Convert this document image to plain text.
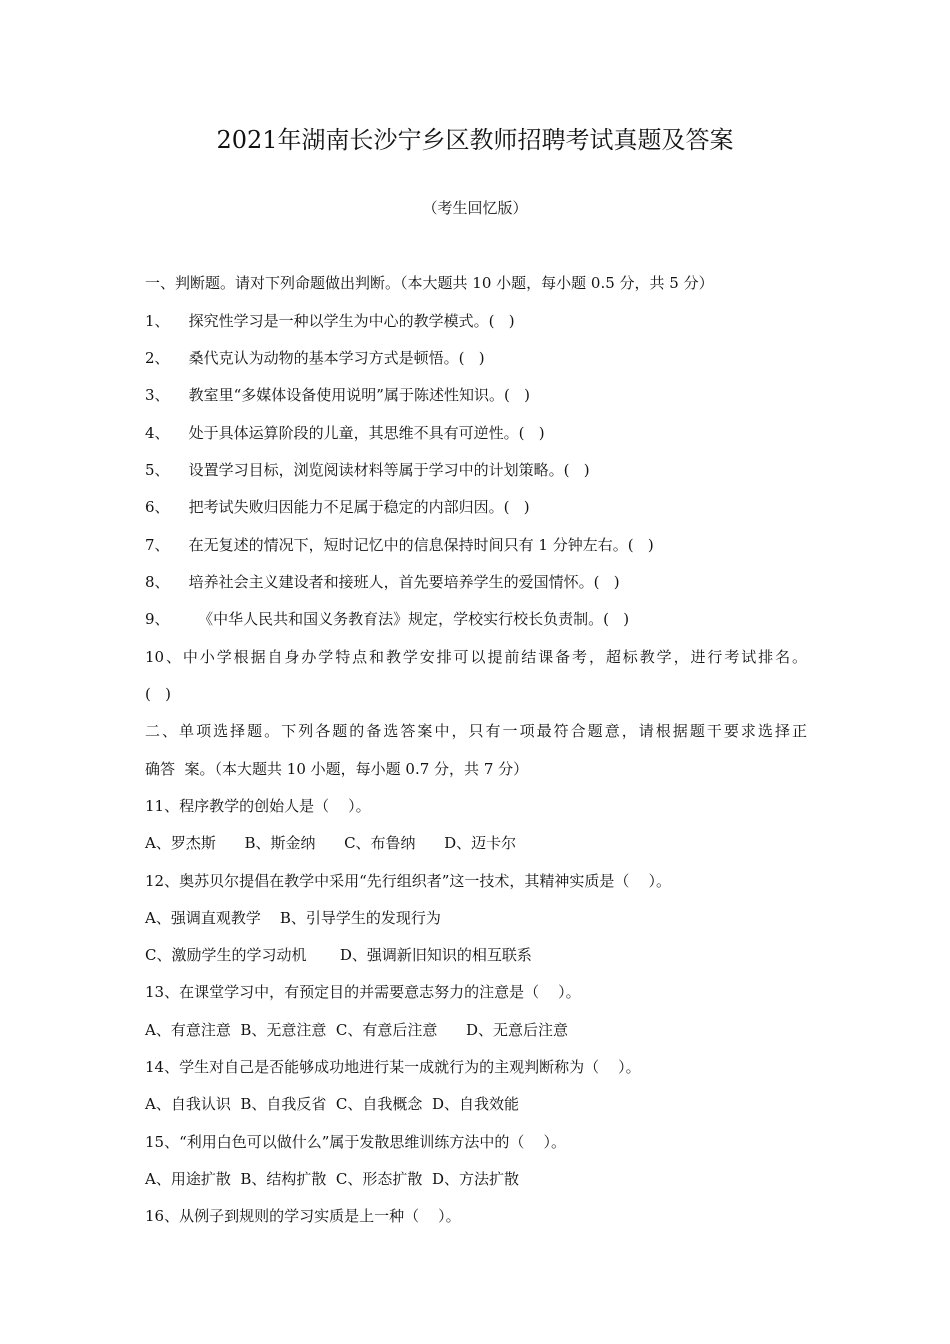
2021年湖南长沙宁乡区教师招聘考试真题及答案
（考生回忆版）
一、判断题。请对下列命题做出判断。（本大题共 10 小题，每小题 0.5 分，共 5 分）
1、    探究性学习是一种以学生为中心的教学模式。(   )
2、    桑代克认为动物的基本学习方式是顿悟。(   )
3、    教室里“多媒体设备使用说明”属于陈述性知识。(   )
4、    处于具体运算阶段的儿童，其思维不具有可逆性。(   )
5、    设置学习目标，浏览阅读材料等属于学习中的计划策略。(   )
6、    把考试失败归因能力不足属于稳定的内部归因。(   )
7、    在无复述的情况下，短时记忆中的信息保持时间只有 1 分钟左右。(   )
8、    培养社会主义建设者和接班人，首先要培养学生的爱国情怀。(   )
9、      《中华人民共和国义务教育法》规定，学校实行校长负责制。(   )
10、中小学根据自身办学特点和教学安排可以提前结课备考，超标教学，进行考试排名。
(   )
二、单项选择题。下列各题的备选答案中，只有一项最符合题意，请根据题干要求选择正
确答  案。（本大题共 10 小题，每小题 0.7 分，共 7 分）
11、程序教学的创始人是（    ）。
A、罗杰斯      B、斯金纳      C、布鲁纳      D、迈卡尔
12、奥苏贝尔提倡在教学中采用“先行组织者”这一技术，其精神实质是（    ）。
A、强调直观教学    B、引导学生的发现行为
C、激励学生的学习动机       D、强调新旧知识的相互联系
13、在课堂学习中，有预定目的并需要意志努力的注意是（    ）。
A、有意注意  B、无意注意  C、有意后注意      D、无意后注意
14、学生对自己是否能够成功地进行某一成就行为的主观判断称为（    ）。
A、自我认识  B、自我反省  C、自我概念  D、自我效能
15、“利用白色可以做什么”属于发散思维训练方法中的（    ）。
A、用途扩散  B、结构扩散  C、形态扩散  D、方法扩散
16、从例子到规则的学习实质是上一种（    ）。
